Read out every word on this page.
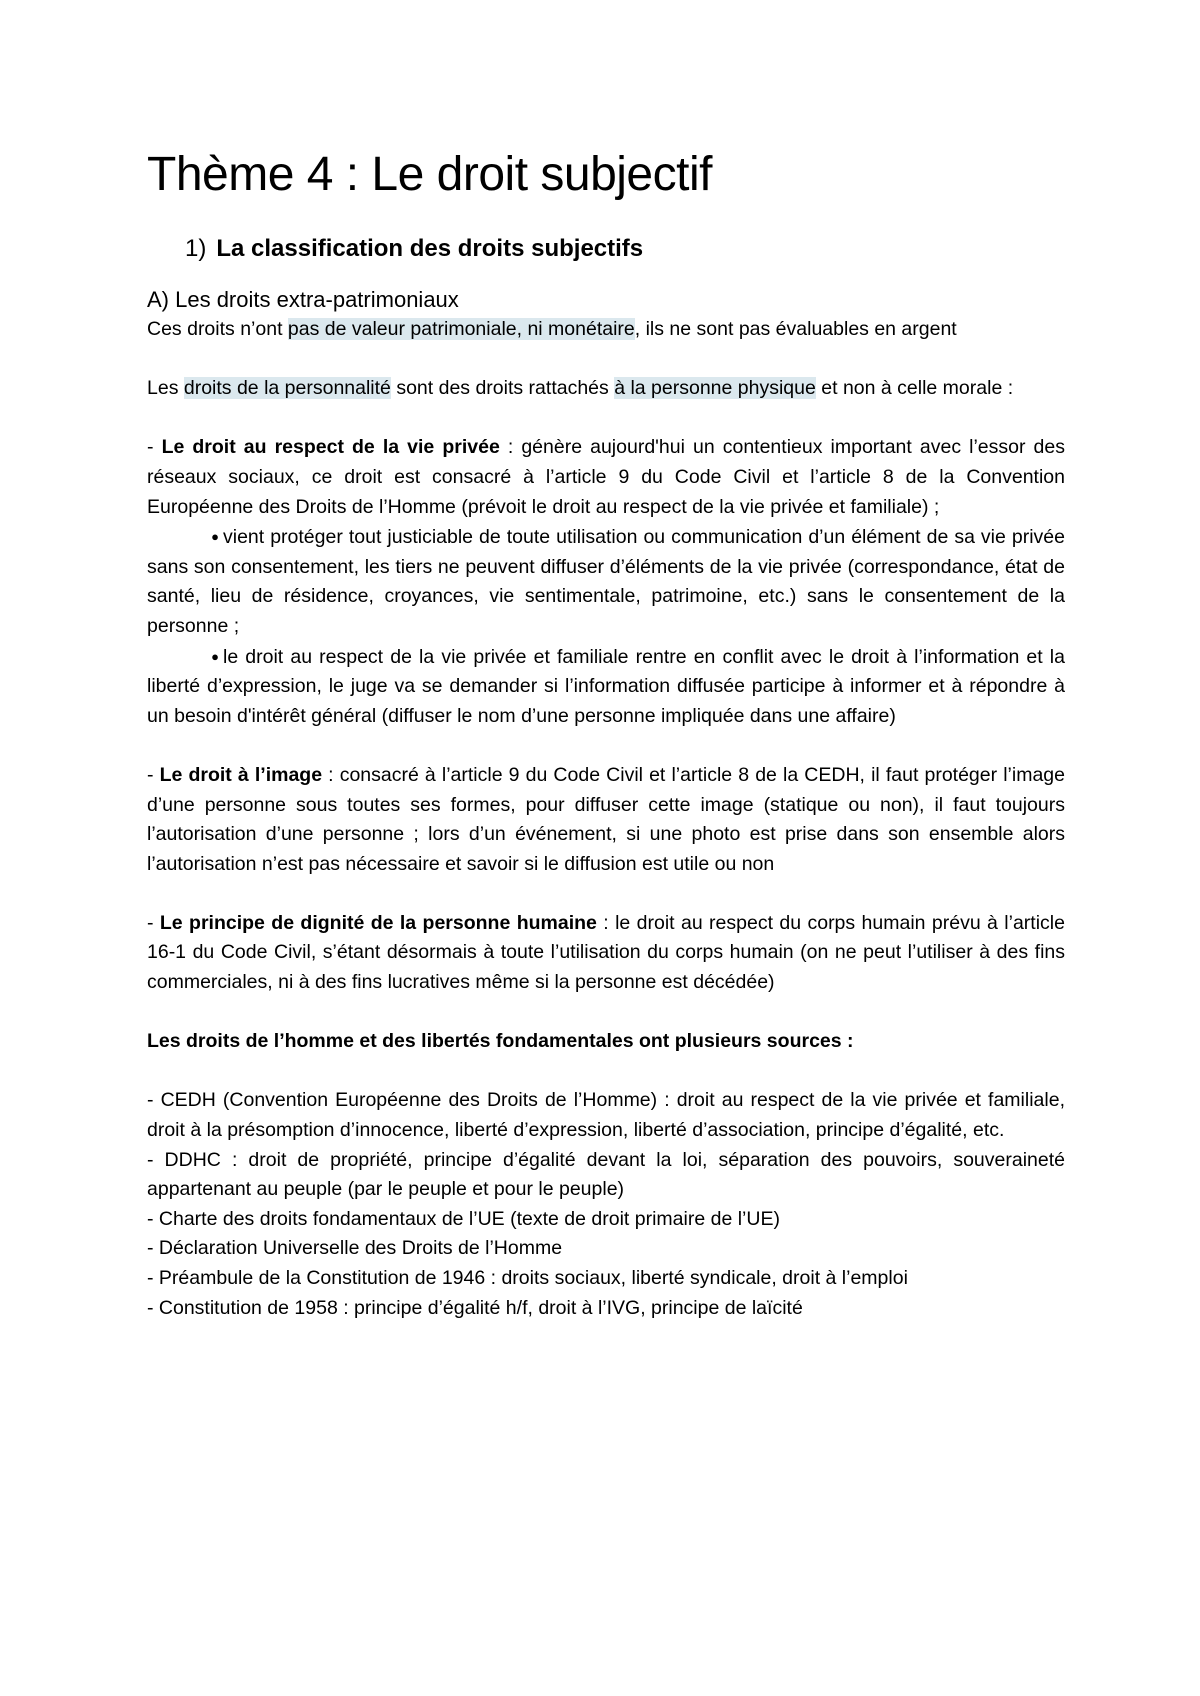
Thème 4 : Le droit subjectif
1) La classification des droits subjectifs
A) Les droits extra-patrimoniaux

Ces droits n’ont pas de valeur patrimoniale, ni monétaire, ils ne sont pas évaluables en argent

Les droits de la personnalité sont des droits rattachés à la personne physique et non à celle morale :

- Le droit au respect de la vie privée : génère aujourd'hui un contentieux important avec l’essor des réseaux sociaux, ce droit est consacré à l’article 9 du Code Civil et l’article 8 de la Convention Européenne des Droits de l’Homme (prévoit le droit au respect de la vie privée et familiale) ;

● vient protéger tout justiciable de toute utilisation ou communication d’un élément de sa vie privée sans son consentement, les tiers ne peuvent diffuser d’éléments de la vie privée (correspondance, état de santé, lieu de résidence, croyances, vie sentimentale, patrimoine, etc.) sans le consentement de la personne ;

● le droit au respect de la vie privée et familiale rentre en conflit avec le droit à l’information et la liberté d’expression, le juge va se demander si l’information diffusée participe à informer et à répondre à un besoin d'intérêt général (diffuser le nom d’une personne impliquée dans une affaire)

- Le droit à l’image : consacré à l’article 9 du Code Civil et l’article 8 de la CEDH, il faut protéger l’image d’une personne sous toutes ses formes, pour diffuser cette image (statique ou non), il faut toujours l’autorisation d’une personne ; lors d’un événement, si une photo est prise dans son ensemble alors l’autorisation n’est pas nécessaire et savoir si le diffusion est utile ou non

- Le principe de dignité de la personne humaine : le droit au respect du corps humain prévu à l’article 16-1 du Code Civil, s’étant désormais à toute l’utilisation du corps humain (on ne peut l’utiliser à des fins commerciales, ni à des fins lucratives même si la personne est décédée)

Les droits de l’homme et des libertés fondamentales ont plusieurs sources :

- CEDH (Convention Européenne des Droits de l’Homme) : droit au respect de la vie privée et familiale, droit à la présomption d’innocence, liberté d’expression, liberté d’association, principe d’égalité, etc.

- DDHC : droit de propriété, principe d’égalité devant la loi, séparation des pouvoirs, souveraineté appartenant au peuple (par le peuple et pour le peuple)

- Charte des droits fondamentaux de l’UE (texte de droit primaire de l’UE)

- Déclaration Universelle des Droits de l’Homme

- Préambule de la Constitution de 1946 : droits sociaux, liberté syndicale, droit à l’emploi

- Constitution de 1958 : principe d’égalité h/f, droit à l’IVG, principe de laïcité
